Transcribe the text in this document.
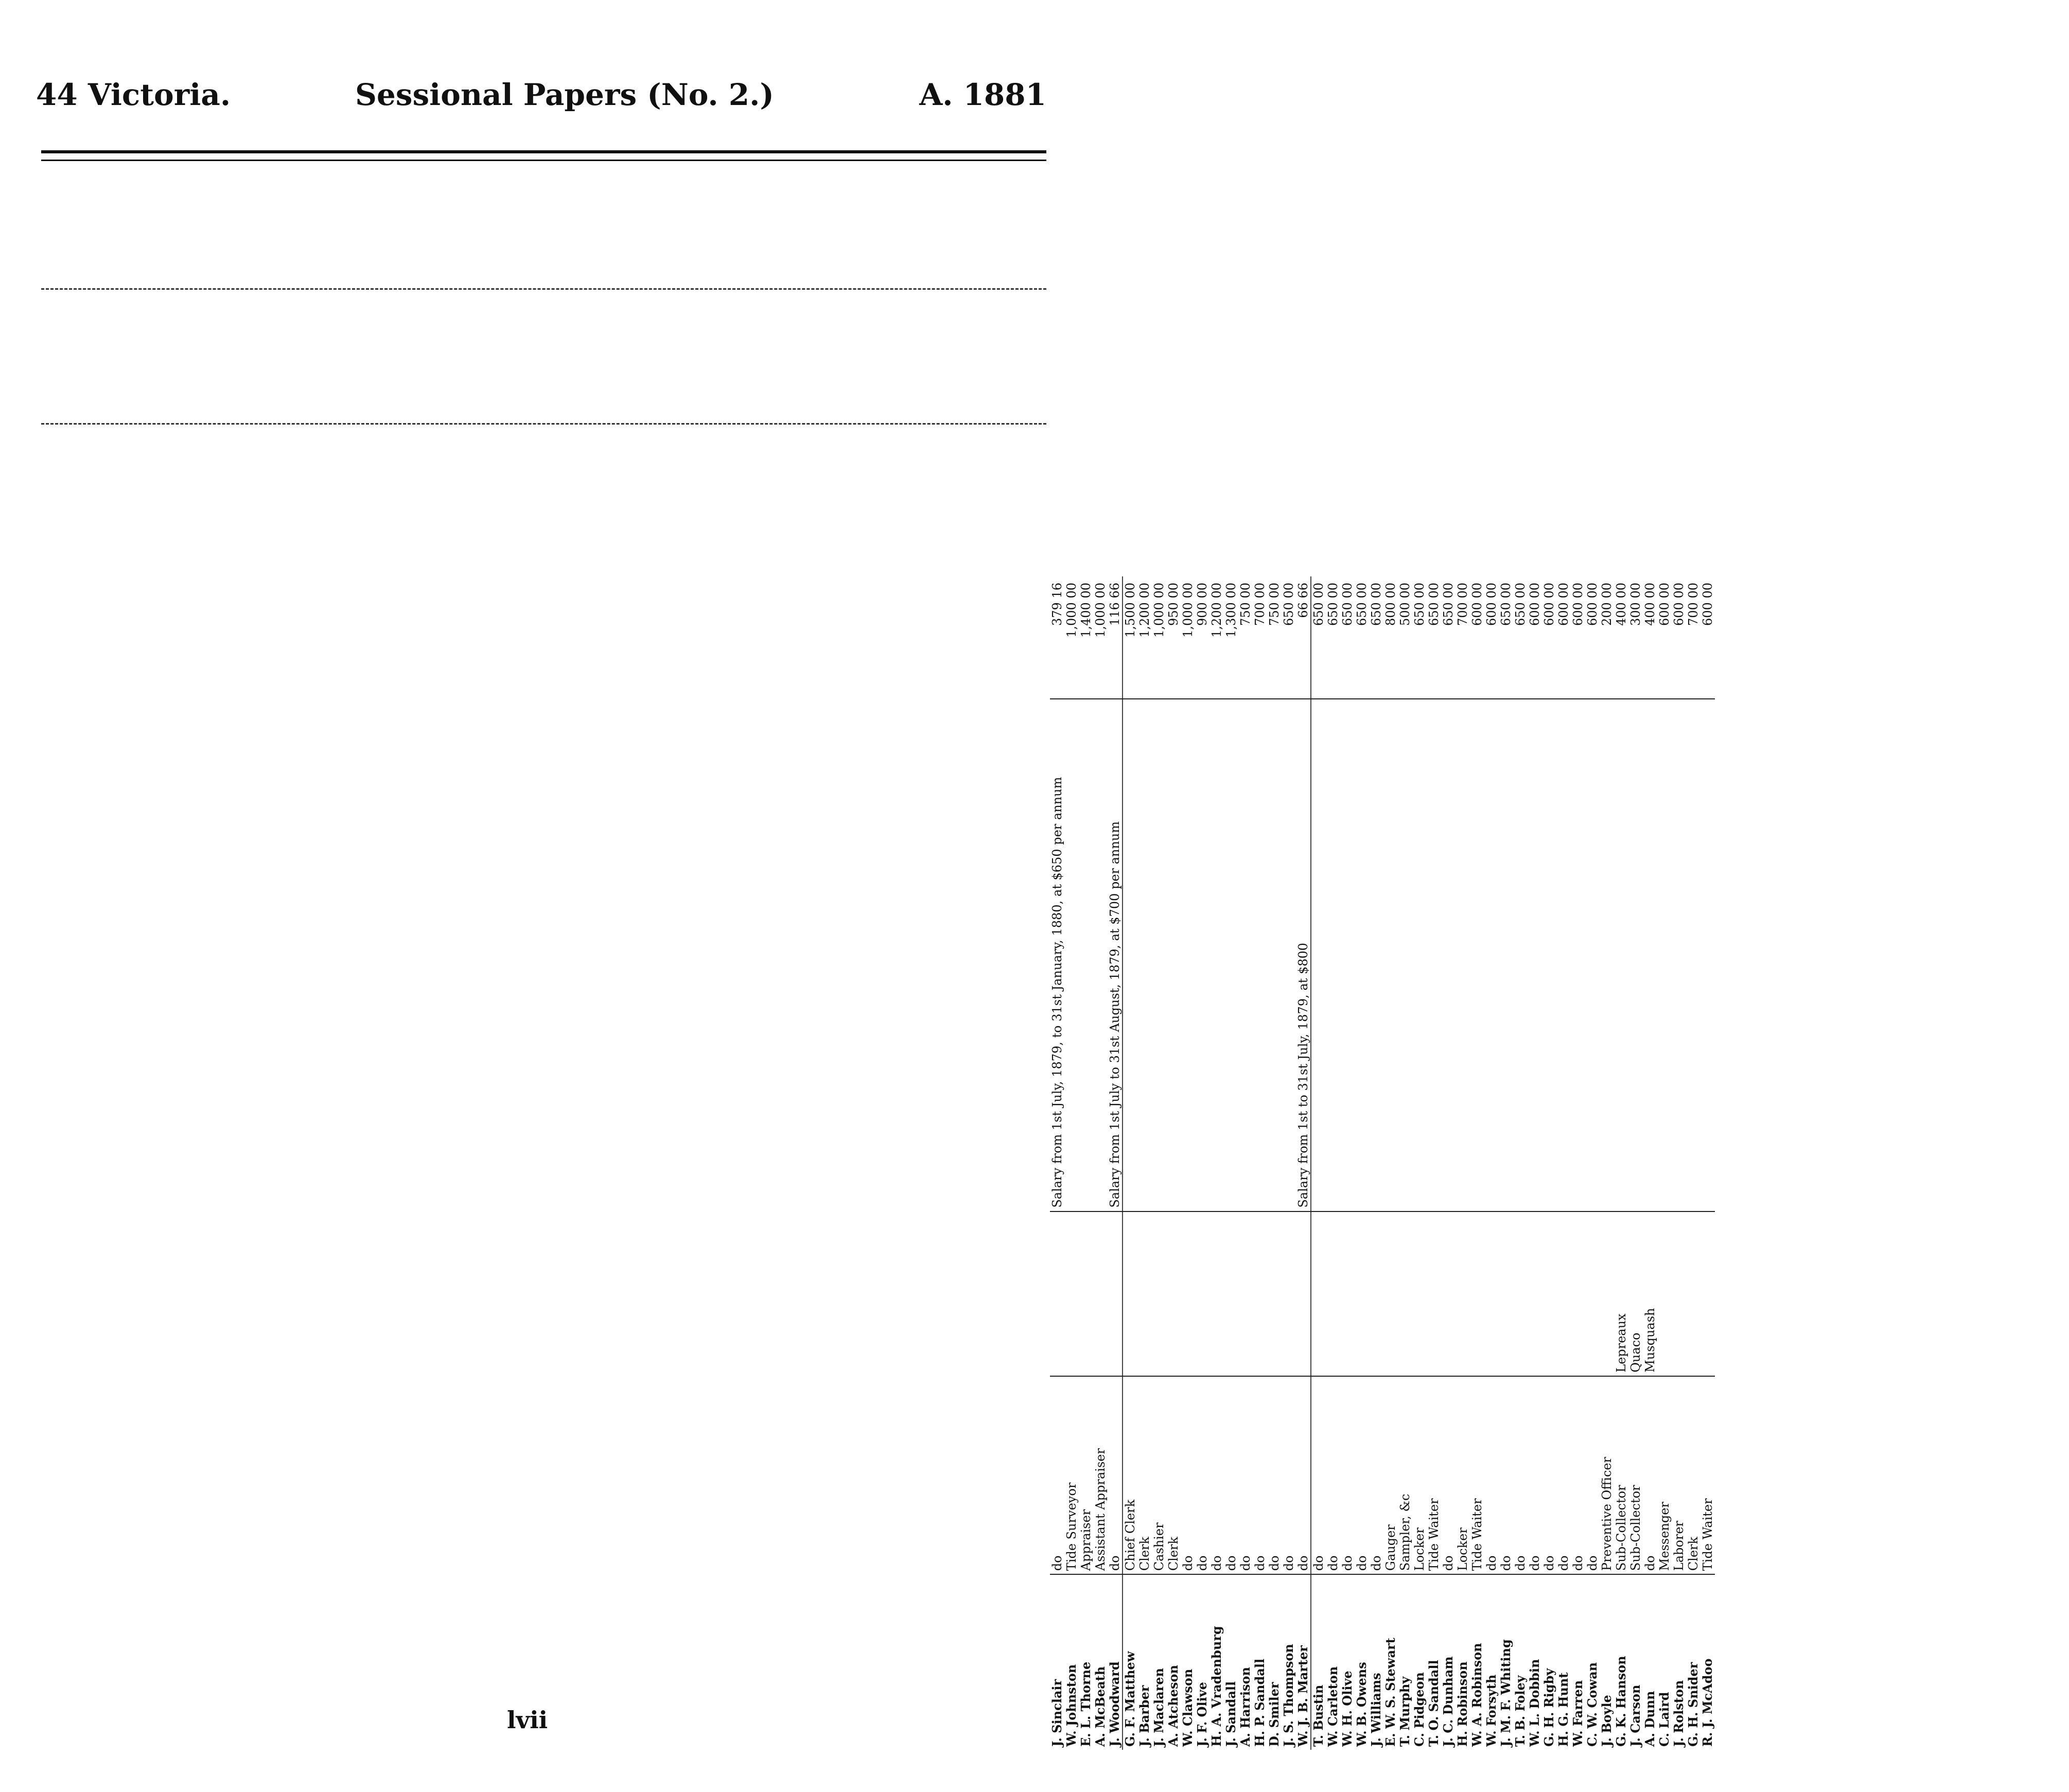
44 Victoria.	Sessional Papers (No. 2.)	A. 1881
J. Sinclair	do		Salary from 1st July, 1879, to 31st January, 1880, at $650 per annum	379 16
W. Johnston	Tide Surveyor			1,000 00
E. L. Thorne	Appraiser			1,400 00
A. McBeath	Assistant Appraiser			1,000 00
J. Woodward	do		Salary from 1st July to 31st August, 1879, at $700 per annum	116 66
G. F. Matthew	Chief Clerk			1,500 00
J. Barber	Clerk			1,200 00
J. Maclaren	Cashier			1,000 00
A. Atcheson	Clerk			950 00
W. Clawson	do			1,000 00
J. F. Olive	do			900 00
H. A. Vradenburg	do			1,200 00
J. Sandall	do			1,300 00
A. Harrison	do			750 00
H. P. Sandall	do			700 00
D. Smiler	do			750 00
J. S. Thompson	do			650 00
W. J. B. Marter	do		Salary from 1st to 31st July, 1879, at $800	66 66
T. Bustin	do			650 00
W. Carleton	do			650 00
W. H. Olive	do			650 00
W. B. Owens	do			650 00
J. Williams	do			650 00
E. W. S. Stewart	Gauger			800 00
T. Murphy	Sampler, &c			500 00
C. Pidgeon	Locker			650 00
T. O. Sandall	Tide Waiter			650 00
J. C. Dunham	do			650 00
H. Robinson	Locker			700 00
W. A. Robinson	Tide Waiter			600 00
W. Forsyth	do			600 00
J. M. F. Whiting	do			650 00
T. B. Foley	do			650 00
W. L. Dobbin	do			600 00
G. H. Rigby	do			600 00
H. G. Hunt	do			600 00
W. Farren	do			600 00
C. W. Cowan	do			600 00
J. Boyle	Preventive Officer			200 00
G. K. Hanson	Sub-Collector	Lepreaux		400 00
J. Carson	Sub-Collector	Quaco		300 00
A. Dunn	do	Musquash		400 00
C. Laird	Messenger			600 00
J. Rolston	Laborer			600 00
G. H. Snider	Clerk			700 00
R. J. McAdoo	Tide Waiter			600 00
lvii
